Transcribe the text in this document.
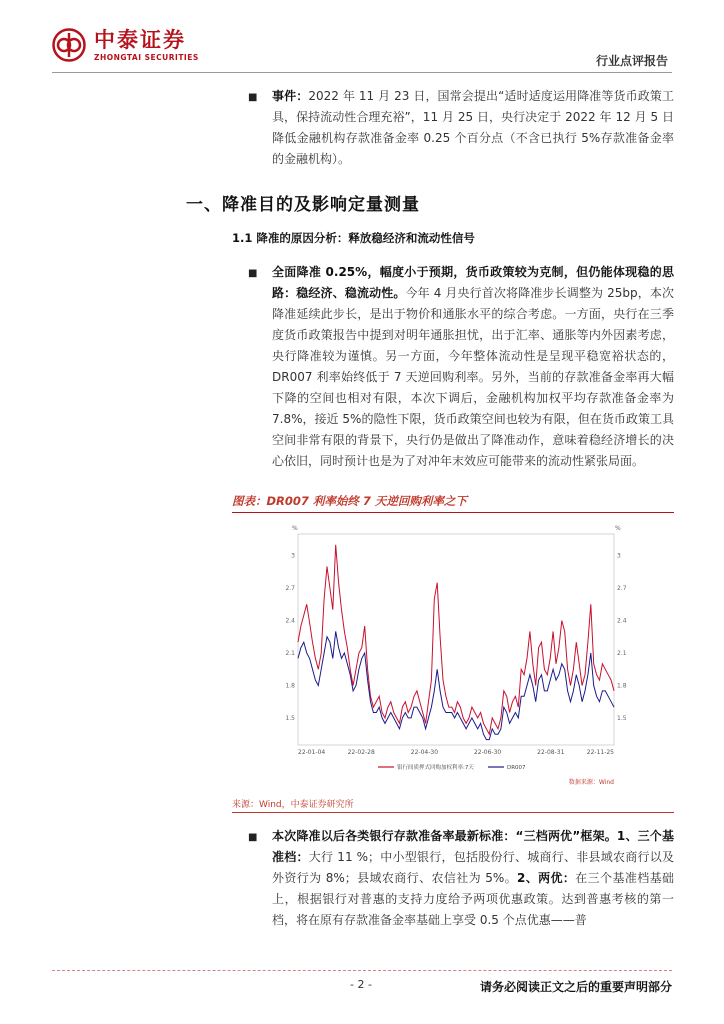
中泰证券
ZHONGTAI SECURITIES	行业点评报告
■ 事件：2022 年 11 月 23 日，国常会提出“适时适度运用降准等货币政策工具，保持流动性合理充裕”，11 月 25 日，央行决定于 2022 年 12 月 5 日降低金融机构存款准备金率 0.25 个百分点（不含已执行 5%存款准备金率的金融机构）。
一、降准目的及影响定量测量
1.1 降准的原因分析：释放稳经济和流动性信号
■ 全面降准 0.25%，幅度小于预期，货币政策较为克制，但仍能体现稳的思路：稳经济、稳流动性。今年 4 月央行首次将降准步长调整为 25bp，本次降准延续此步长，是出于物价和通胀水平的综合考虑。一方面，央行在三季度货币政策报告中提到对明年通胀担忧，出于汇率、通胀等内外因素考虑，央行降准较为谨慎。另一方面，今年整体流动性是呈现平稳宽裕状态的，DR007 利率始终低于 7 天逆回购利率。另外，当前的存款准备金率再大幅下降的空间也相对有限，本次下调后，金融机构加权平均存款准备金率为 7.8%，接近 5%的隐性下限，货币政策空间也较为有限，但在货币政策工具空间非常有限的背景下，央行仍是做出了降准动作，意味着稳经济增长的决心依旧，同时预计也是为了对冲年末效应可能带来的流动性紧张局面。
图表：DR007 利率始终 7 天逆回购利率之下
%	%
3	3
2.7	2.7
2.4	2.4
2.1	2.1
1.8	1.8
1.5	1.5
22-01-04	22-02-28	22-04-30	22-06-30	22-08-31	22-11-25
银行间质押式回购加权利率:7天	DR007
数据来源：Wind
来源：Wind，中泰证券研究所
■ 本次降准以后各类银行存款准备率最新标准：“三档两优”框架。1、三个基准档：大行 11 %；中小型银行，包括股份行、城商行、非县域农商行以及外资行为 8%；县域农商行、农信社为 5%。2、两优：在三个基准档基础上，根据银行对普惠的支持力度给予两项优惠政策。达到普惠考核的第一档，将在原有存款准备金率基础上享受 0.5 个点优惠——普
- 2 -	请务必阅读正文之后的重要声明部分
